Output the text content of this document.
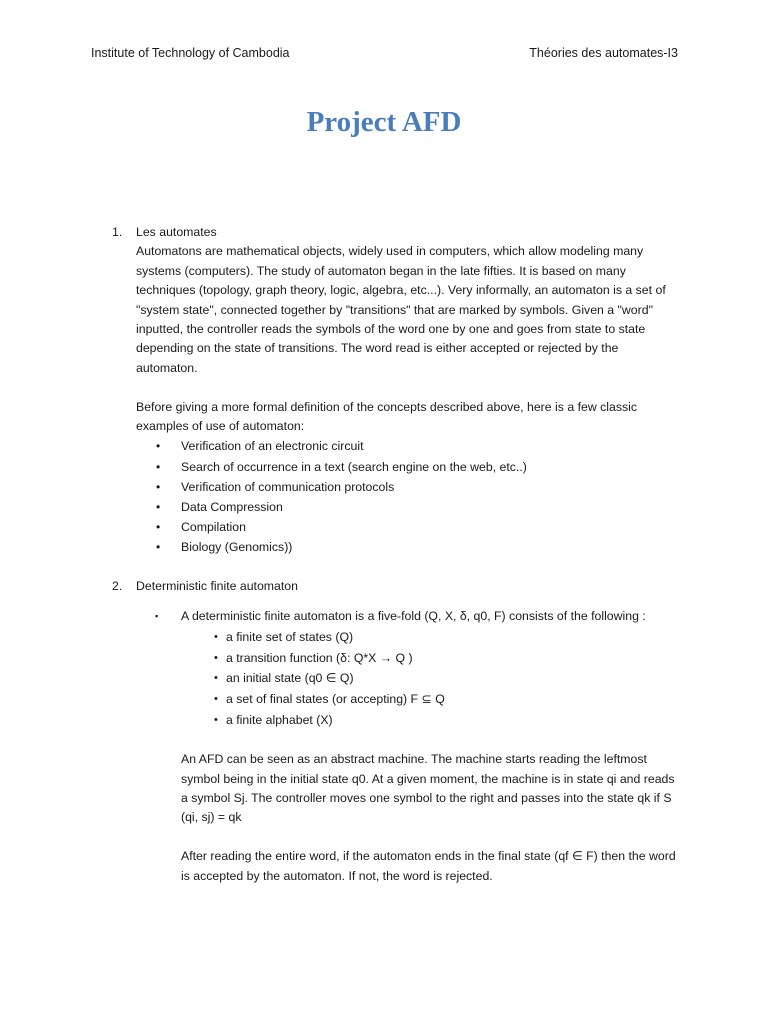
Institute of Technology of Cambodia	Théories des automates-I3
Project AFD
1. Les automates

Automatons are mathematical objects, widely used in computers, which allow modeling many systems (computers). The study of automaton began in the late fifties. It is based on many techniques (topology, graph theory, logic, algebra, etc...). Very informally, an automaton is a set of "system state", connected together by "transitions" that are marked by symbols. Given a "word" inputted, the controller reads the symbols of the word one by one and goes from state to state depending on the state of transitions. The word read is either accepted or rejected by the automaton.

Before giving a more formal definition of the concepts described above, here is a few classic examples of use of automaton:

• Verification of an electronic circuit
• Search of occurrence in a text (search engine on the web, etc..)
• Verification of communication protocols
• Data Compression
• Compilation
• Biology (Genomics))
2. Deterministic finite automaton

▪ A deterministic finite automaton is a five-fold (Q, X, δ, q0, F) consists of the following :

• a finite set of states (Q)
• a transition function (δ: Q*X → Q )
• an initial state (q0 ∈ Q)
• a set of final states (or accepting) F ⊆ Q
• a finite alphabet (X)

An AFD can be seen as an abstract machine. The machine starts reading the leftmost symbol being in the initial state q0. At a given moment, the machine is in state qi and reads a symbol Sj. The controller moves one symbol to the right and passes into the state qk if S (qi, sj) = qk

After reading the entire word, if the automaton ends in the final state (qf ∈ F) then the word is accepted by the automaton. If not, the word is rejected.
